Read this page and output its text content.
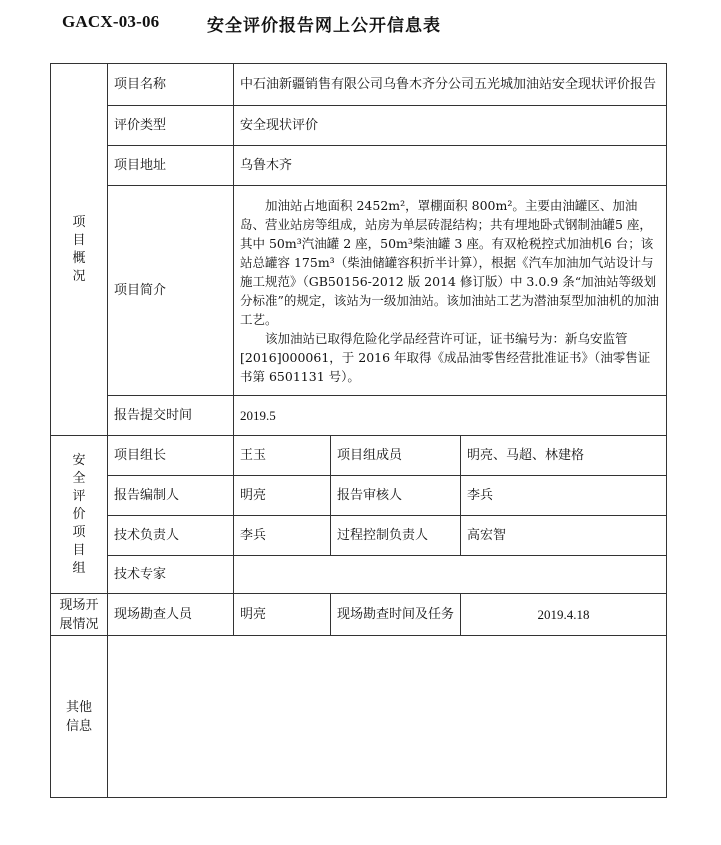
GACX-03-06	安全评价报告网上公开信息表
项目概况	项目名称	中石油新疆销售有限公司乌鲁木齐分公司五光城加油站安全现状评价报告		
	评价类型	安全现状评价		
	项目地址	乌鲁木齐		
	项目简介	加油站占地面积 2452m²，罩棚面积 800m²。主要由油罐区、加油岛、营业站房等组成，站房为单层砖混结构；共有埋地卧式钢制油罐5 座，其中 50m³汽油罐 2 座，50m³柴油罐 3 座。有双枪税控式加油机6 台；该站总罐容 175m³（柴油储罐容积折半计算），根据《汽车加油加气站设计与施工规范》（GB50156-2012 版 2014 修订版）中 3.0.9 条“加油站等级划分标准”的规定，该站为一级加油站。该加油站工艺为潜油泵型加油机的加油工艺。

该加油站已取得危险化学品经营许可证，证书编号为：新乌安监管[2016]000061，于 2016 年取得《成品油零售经营批准证书》（油零售证书第 6501131 号）。		

	报告提交时间	2019.5		

安全评价项目组	项目组长	王玉	项目组成员	明亮、马超、林建格
	报告编制人	明亮	报告审核人	李兵
	技术负责人	李兵	过程控制负责人	高宏智
	技术专家			

现场开展情况	现场勘查人员	明亮	现场勘查时间及任务	2019.4.18

其他信息				
